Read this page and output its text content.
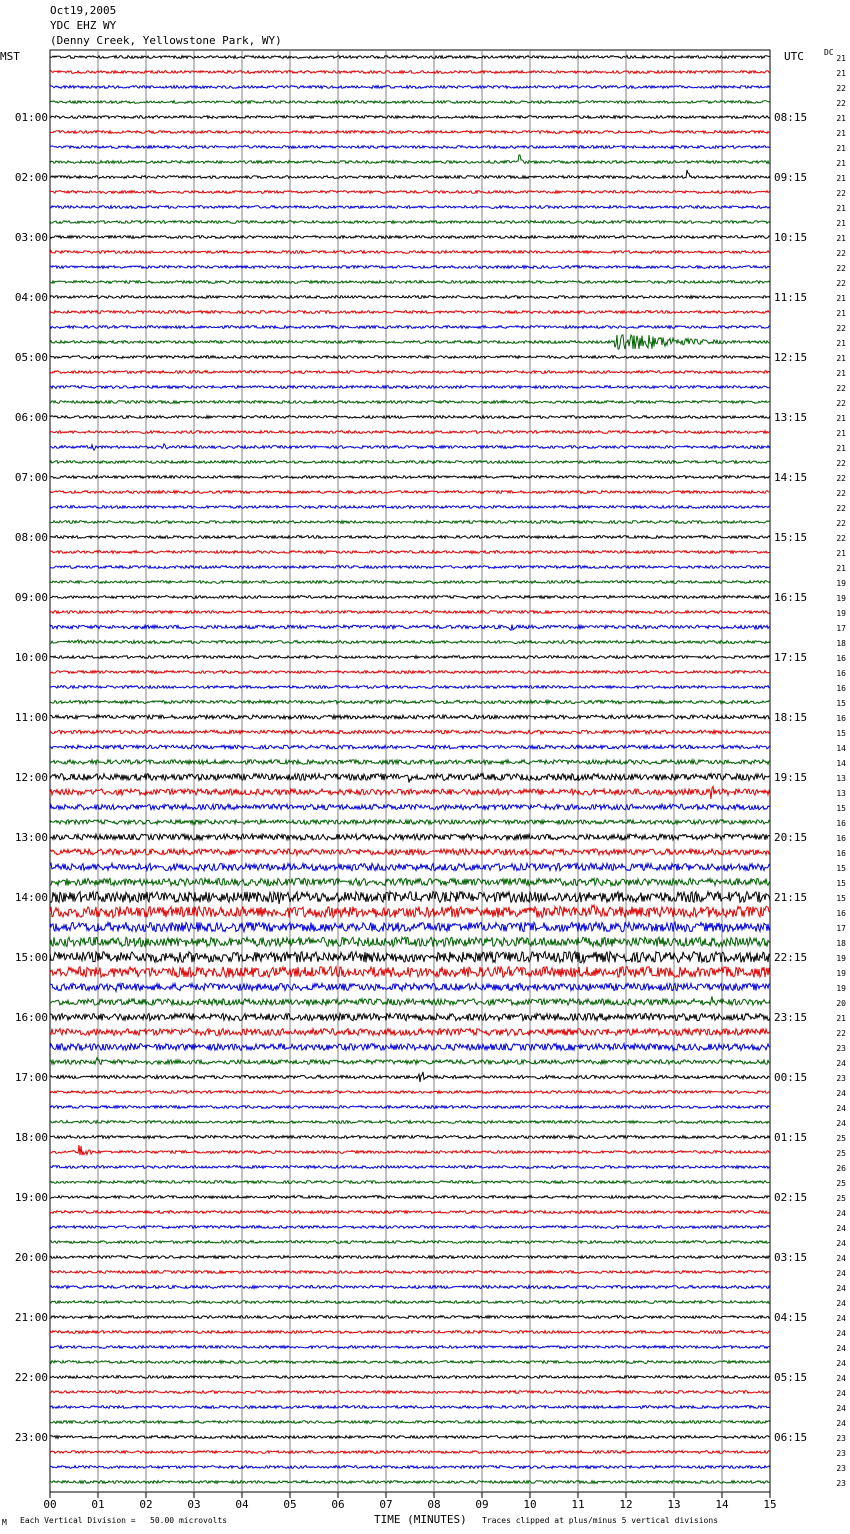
Oct19,2005
YDC EHZ WY
(Denny Creek, Yellowstone Park, WY)
MST	UTC	DC
00	01	02	03	04	05	06	07	08	09	10	11	12	13	14	15
21
21
22
22
21
21
21
21
21
22
21
21
21
22
22
22
21
21
22
21
21
21
22
22
21
21
21
22
22
22
22
22
22
21
21
19
19
19
17
18
16
16
16
15
16
15
14
14
13
13
15
16
16
16
15
15
15
16
17
18
19
19
19
20
21
22
23
24
23
24
24
24
25
25
26
25
25
24
24
24
24
24
24
24
24
24
24
24
24
24
24
24
23
23
23
23
01:00
02:00
03:00
04:00
05:00
06:00
07:00
08:00
09:00
10:00
11:00
12:00
13:00
14:00
15:00
16:00
17:00
18:00
19:00
20:00
21:00
22:00
23:00
08:15
09:15
10:15
11:15
12:15
13:15
14:15
15:15
16:15
17:15
18:15
19:15
20:15
21:15
22:15
23:15
00:15
01:15
02:15
03:15
04:15
05:15
06:15
M Each Vertical Division =   50.00 microvolts	TIME (MINUTES) Traces clipped at plus/minus 5 vertical divisions
